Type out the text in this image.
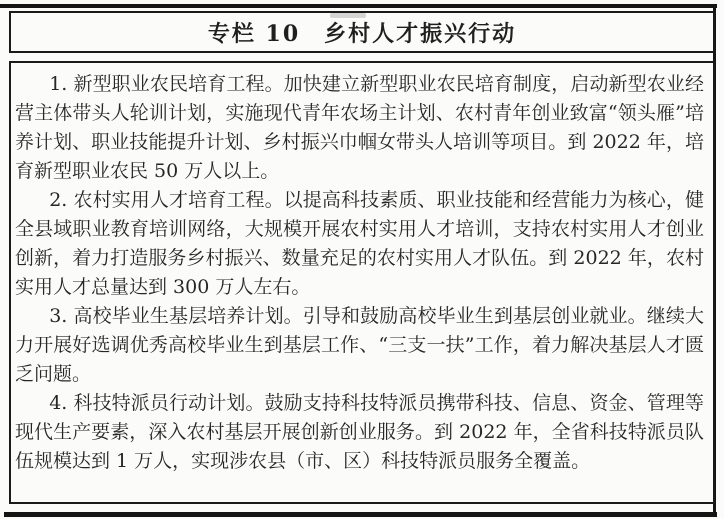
专栏 10　乡村人才振兴行动

1. 新型职业农民培育工程。加快建立新型职业农民培育制度，启动新型农业经营主体带头人轮训计划，实施现代青年农场主计划、农村青年创业致富“领头雁”培养计划、职业技能提升计划、乡村振兴巾帼女带头人培训等项目。到 2022 年，培育新型职业农民 50 万人以上。

2. 农村实用人才培育工程。以提高科技素质、职业技能和经营能力为核心，健全县域职业教育培训网络，大规模开展农村实用人才培训，支持农村实用人才创业创新，着力打造服务乡村振兴、数量充足的农村实用人才队伍。到 2022 年，农村实用人才总量达到 300 万人左右。

3. 高校毕业生基层培养计划。引导和鼓励高校毕业生到基层创业就业。继续大力开展好选调优秀高校毕业生到基层工作、“三支一扶”工作，着力解决基层人才匮乏问题。

4. 科技特派员行动计划。鼓励支持科技特派员携带科技、信息、资金、管理等现代生产要素，深入农村基层开展创新创业服务。到 2022 年，全省科技特派员队伍规模达到 1 万人，实现涉农县（市、区）科技特派员服务全覆盖。
